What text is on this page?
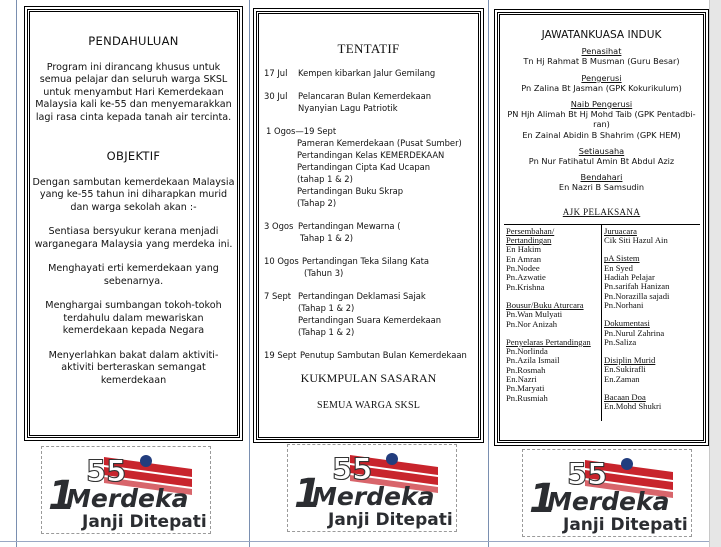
PENDAHULUAN

Program ini dirancang khusus untuk semua pelajar dan seluruh warga SKSL untuk menyambut Hari Kemerdekaan Malaysia kali ke-55 dan menyemarakkan lagi rasa cinta kepada tanah air tercinta.

OBJEKTIF

Dengan sambutan kemerdekaan Malaysia yang ke-55 tahun ini diharapkan murid dan warga sekolah akan :-

Sentiasa bersyukur kerana menjadi warganegara Malaysia yang merdeka ini.

Menghayati erti kemerdekaan yang sebenarnya.

Menghargai sumbangan tokoh-tokoh terdahulu dalam mewariskan kemerdekaan kepada Negara

Menyerlahkan bakat dalam aktiviti-aktiviti berteraskan semangat kemerdekaan

TENTATIF
17 Jul	Kempen kibarkan Jalur Gemilang
30 Jul	Pelancaran Bulan Kemerdekaan
Nyanyian Lagu Patriotik
1 Ogos—19 Sept
Pameran Kemerdekaan (Pusat Sumber)
Pertandingan Kelas KEMERDEKAAN
Pertandingan Cipta Kad Ucapan
(tahap 1 & 2)
Pertandingan Buku Skrap
(Tahap 2)
3 Ogos Pertandingan Mewarna (
Tahap 1 & 2)
10 Ogos Pertandingan Teka Silang Kata
(Tahun 3)
7 Sept Pertandingan Deklamasi Sajak
(Tahap 1 & 2)
Pertandingan Suara Kemerdekaan
(Tahap 1 & 2)
19 Sept Penutup Sambutan Bulan Kemerdekaan
KUKMPULAN SASARAN
SEMUA WARGA SKSL
JAWATANKUASA INDUK
Penasihat
Tn Hj Rahmat B Musman (Guru Besar)
Pengerusi
Pn Zalina Bt Jasman (GPK Kokurikulum)
Naib Pengerusi
PN Hjh Alimah Bt Hj Mohd Taib (GPK Pentadbi-ran)
En Zainal Abidin B Shahrim (GPK HEM)
Setiausaha
Pn Nur Fatihatul Amin Bt Abdul Aziz
Bendahari
En Nazri B Samsudin
AJK PELAKSANA
Persembahan/ Pertandingan
En Hakim
En Amran
Pn.Nodee
Pn.Azwatie
Pn.Krishna
Bousur/Buku Aturcara
Pn.Wan Mulyati
Pn.Nor Anizah
Penyelaras Pertandingan
Pn.Norlinda
Pn.Azila Ismail
Pn.Rosmah
En.Nazri
Pn.Maryati
Pn.Rusmiah
Juruacara
Cik Siti Hazul Ain
pA Sistem
En Syed
Hadiah Pelajar
Pn.sarifah Hanizan
Pn.Norazilla sajadi
Pn.Norhani
Dokumentasi
Pn.Nurul Zahrina
Pn.Saliza
Disiplin Murid
En.Sukirafli
En.Zaman
Bacaan Doa
En.Mohd Shukri
1
55
Merdeka
Janji Ditepati
1
55
Merdeka
Janji Ditepati 1
55
Merdeka
Janji Ditepati
